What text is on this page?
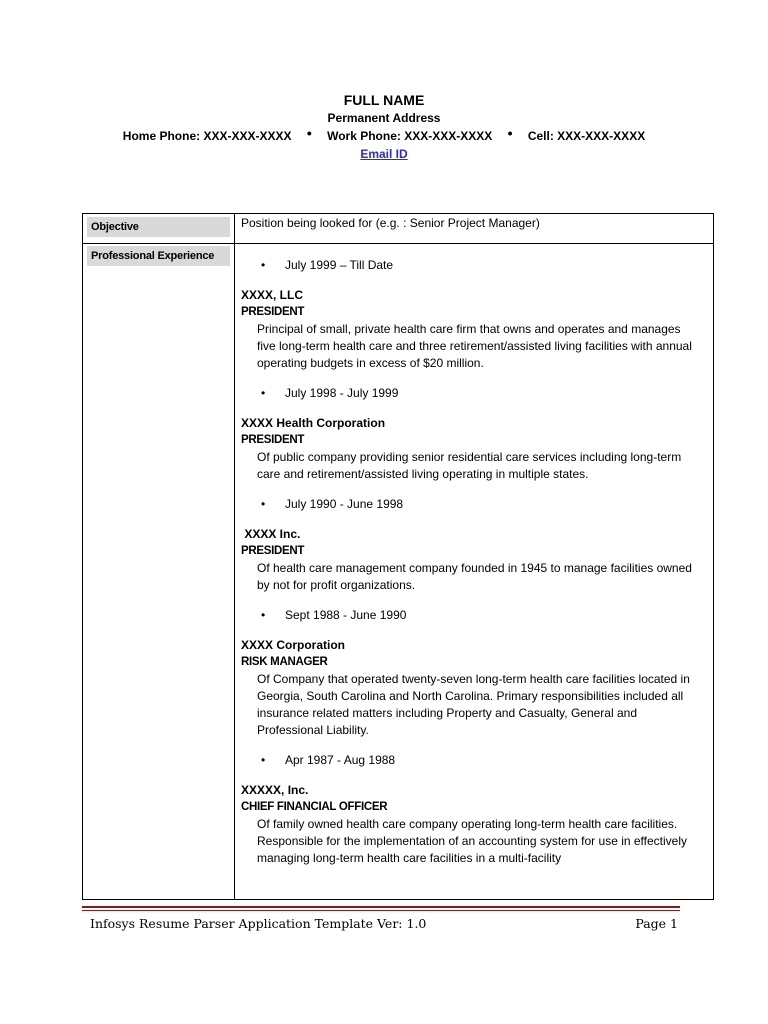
FULL NAME
Permanent Address
Home Phone: XXX-XXX-XXXX • Work Phone: XXX-XXX-XXXX • Cell: XXX-XXX-XXXX
Email ID
Objective	Position being looked for (e.g. : Senior Project Manager)
Professional Experience
• July 1999 – Till Date
XXXX, LLC
PRESIDENT
Principal of small, private health care firm that owns and operates and manages five long-term health care and three retirement/assisted living facilities with annual operating budgets in excess of $20 million.
• July 1998 - July 1999
XXXX Health Corporation
PRESIDENT
Of public company providing senior residential care services including long-term care and retirement/assisted living operating in multiple states.
• July 1990 - June 1998
XXXX Inc.
PRESIDENT
Of health care management company founded in 1945 to manage facilities owned by not for profit organizations.
• Sept 1988 - June 1990
XXXX Corporation
RISK MANAGER
Of Company that operated twenty-seven long-term health care facilities located in Georgia, South Carolina and North Carolina. Primary responsibilities included all insurance related matters including Property and Casualty, General and Professional Liability.
• Apr 1987 - Aug 1988
XXXXX, Inc.
CHIEF FINANCIAL OFFICER
Of family owned health care company operating long-term health care facilities. Responsible for the implementation of an accounting system for use in effectively managing long-term health care facilities in a multi-facility
Infosys Resume Parser Application Template Ver: 1.0	Page 1
